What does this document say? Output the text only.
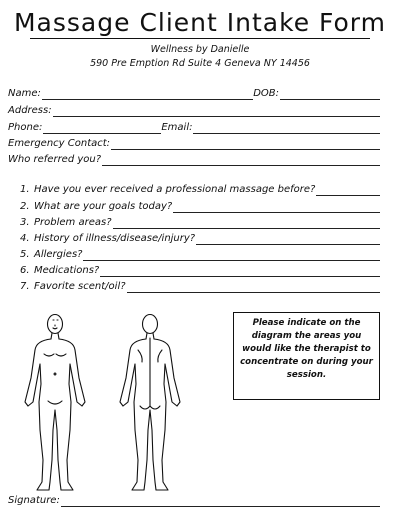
Massage Client Intake Form
Wellness by Danielle
590 Pre Emption Rd Suite 4 Geneva NY 14456
Name:	DOB:
Address:
Phone:	Email:
Emergency Contact:
Who referred you?
1. Have you ever received a professional massage before?
2. What are your goals today?
3. Problem areas?
4. History of illness/disease/injury?
5. Allergies?
6. Medications?
7. Favorite scent/oil?
Please indicate on the diagram the areas you would like the therapist to concentrate on during your session.
Signature:
